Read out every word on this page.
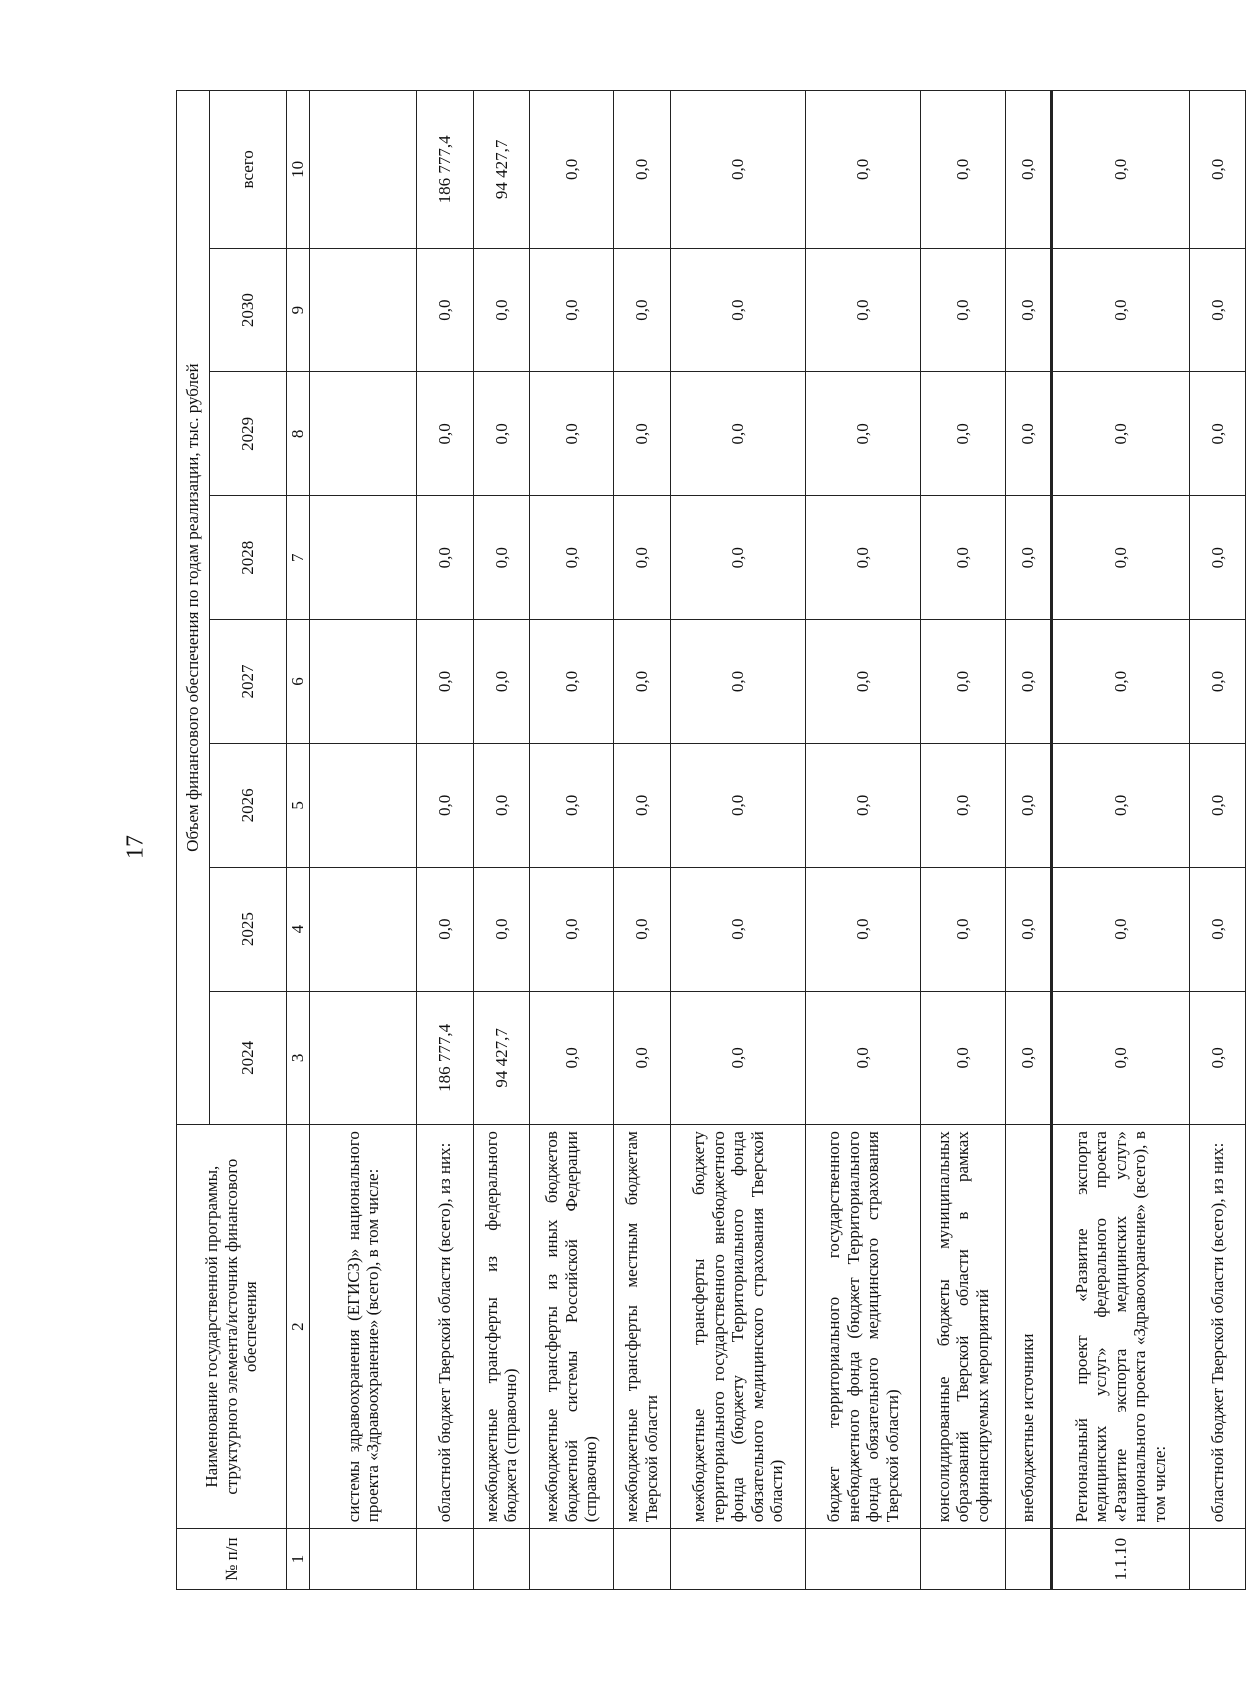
17
№ п/п	Наименование государственной программы, структурного элемента/источник финансового обеспечения	Объем финансового обеспечения по годам реализации, тыс. рублей							
		2024	2025	2026	2027	2028	2029	2030	всего
1	2	3	4	5	6	7	8	9	10
	системы здравоохранения (ЕГИСЗ)» национального проекта «Здравоохранение» (всего), в том числе:								
	областной бюджет Тверской области (всего), из них:	186 777,4	0,0	0,0	0,0	0,0	0,0	0,0	186 777,4
	межбюджетные трансферты из федерального бюджета (справочно)	94 427,7	0,0	0,0	0,0	0,0	0,0	0,0	94 427,7
	межбюджетные трансферты из иных бюджетов бюджетной системы Российской Федерации (справочно)	0,0	0,0	0,0	0,0	0,0	0,0	0,0	0,0
	межбюджетные трансферты местным бюджетам Тверской области	0,0	0,0	0,0	0,0	0,0	0,0	0,0	0,0
	межбюджетные трансферты бюджету территориального государственного внебюджетного фонда (бюджету Территориального фонда обязательного медицинского страхования Тверской области)	0,0	0,0	0,0	0,0	0,0	0,0	0,0	0,0
	бюджет территориального государственного внебюджетного фонда (бюджет Территориального фонда обязательного медицинского страхования Тверской области)	0,0	0,0	0,0	0,0	0,0	0,0	0,0	0,0
	консолидированные бюджеты муниципальных образований Тверской области в рамках софинансируемых мероприятий	0,0	0,0	0,0	0,0	0,0	0,0	0,0	0,0
	внебюджетные источники	0,0	0,0	0,0	0,0	0,0	0,0	0,0	0,0
1.1.10	Региональный проект «Развитие экспорта медицинских услуг» федерального проекта «Развитие экспорта медицинских услуг» национального проекта «Здравоохранение» (всего), в том числе:	0,0	0,0	0,0	0,0	0,0	0,0	0,0	0,0
	областной бюджет Тверской области (всего), из них:	0,0	0,0	0,0	0,0	0,0	0,0	0,0	0,0
